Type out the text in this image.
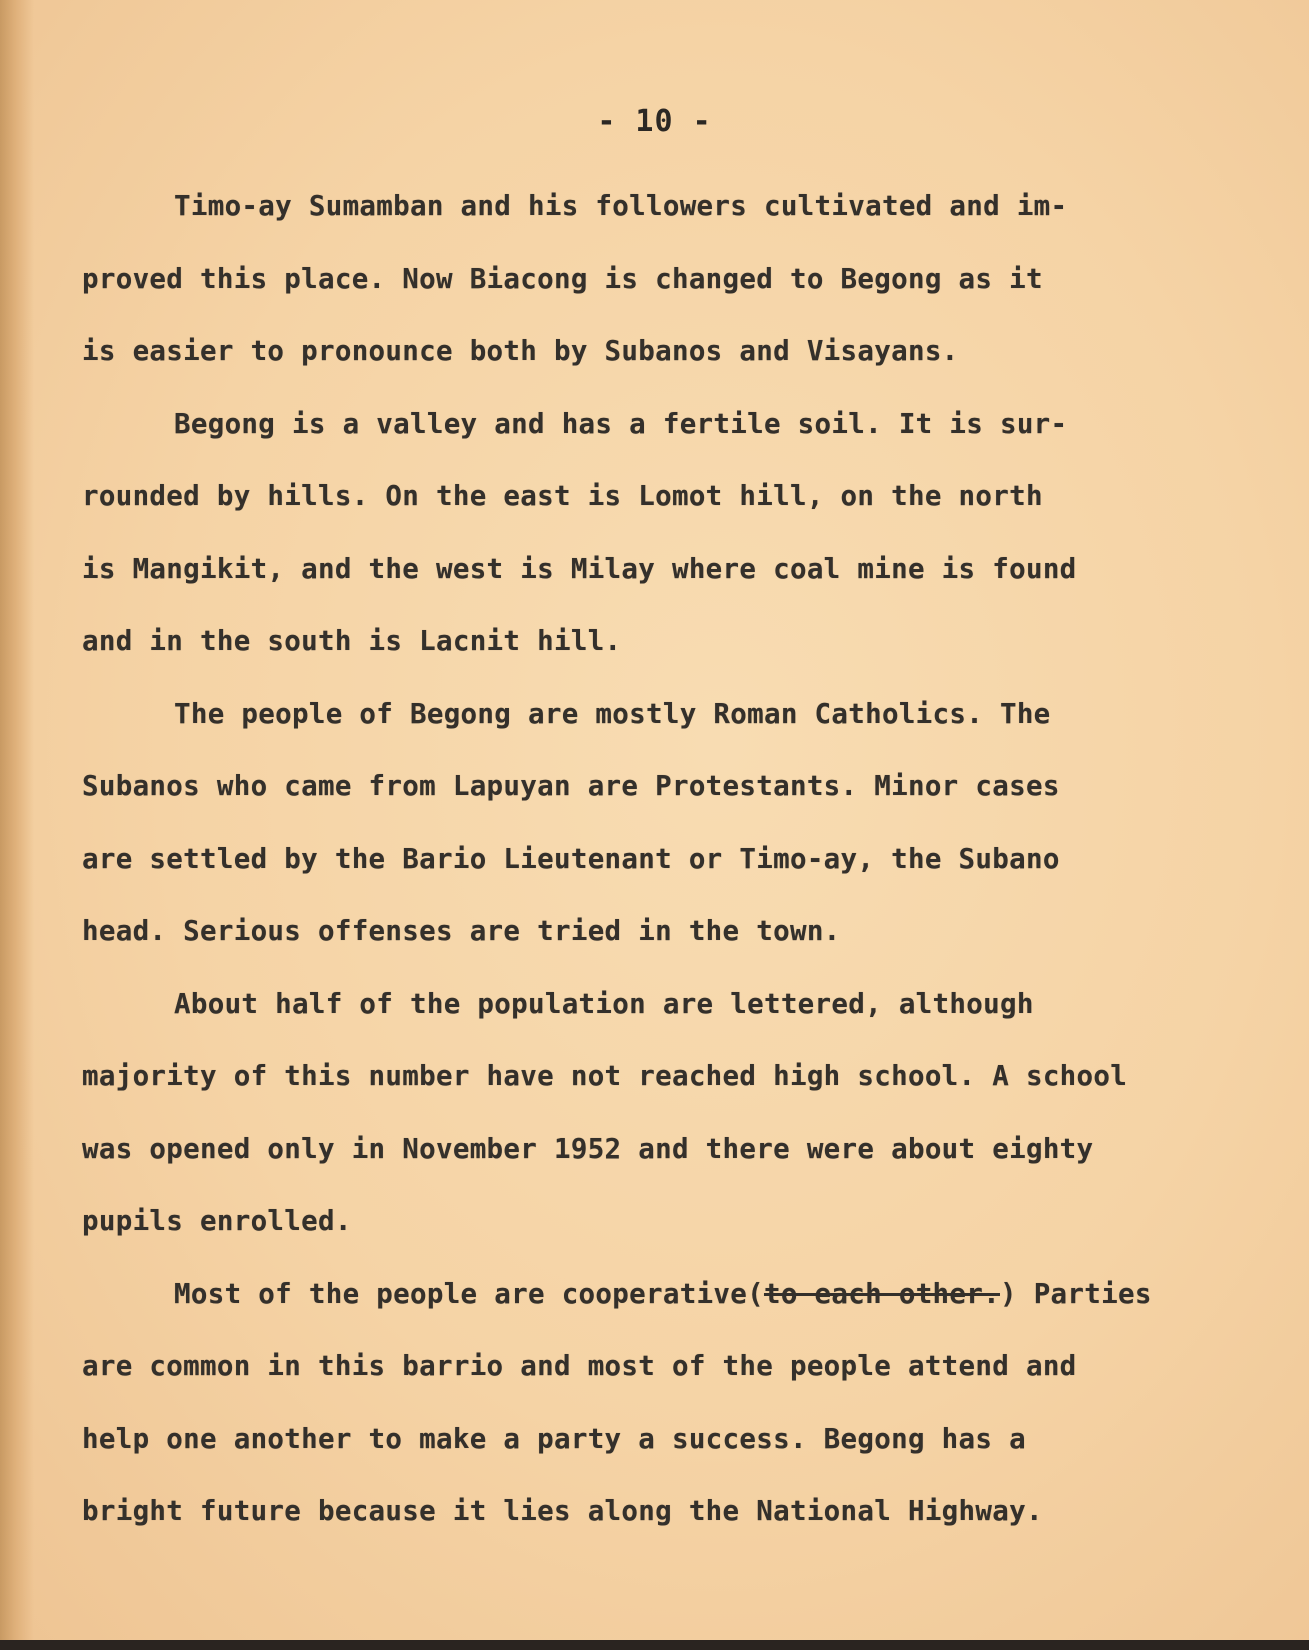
- 10 -
Timo-ay Sumamban and his followers cultivated and im-
proved this place. Now Biacong is changed to Begong as it
is easier to pronounce both by Subanos and Visayans.
Begong is a valley and has a fertile soil. It is sur-
rounded by hills. On the east is Lomot hill, on the north
is Mangikit, and the west is Milay where coal mine is found
and in the south is Lacnit hill.
The people of Begong are mostly Roman Catholics. The
Subanos who came from Lapuyan are Protestants. Minor cases
are settled by the Bario Lieutenant or Timo-ay, the Subano
head. Serious offenses are tried in the town.
About half of the population are lettered, although
majority of this number have not reached high school. A school
was opened only in November 1952 and there were about eighty
pupils enrolled.
Most of the people are cooperative(to each other.) Parties
are common in this barrio and most of the people attend and
help one another to make a party a success. Begong has a
bright future because it lies along the National Highway.
